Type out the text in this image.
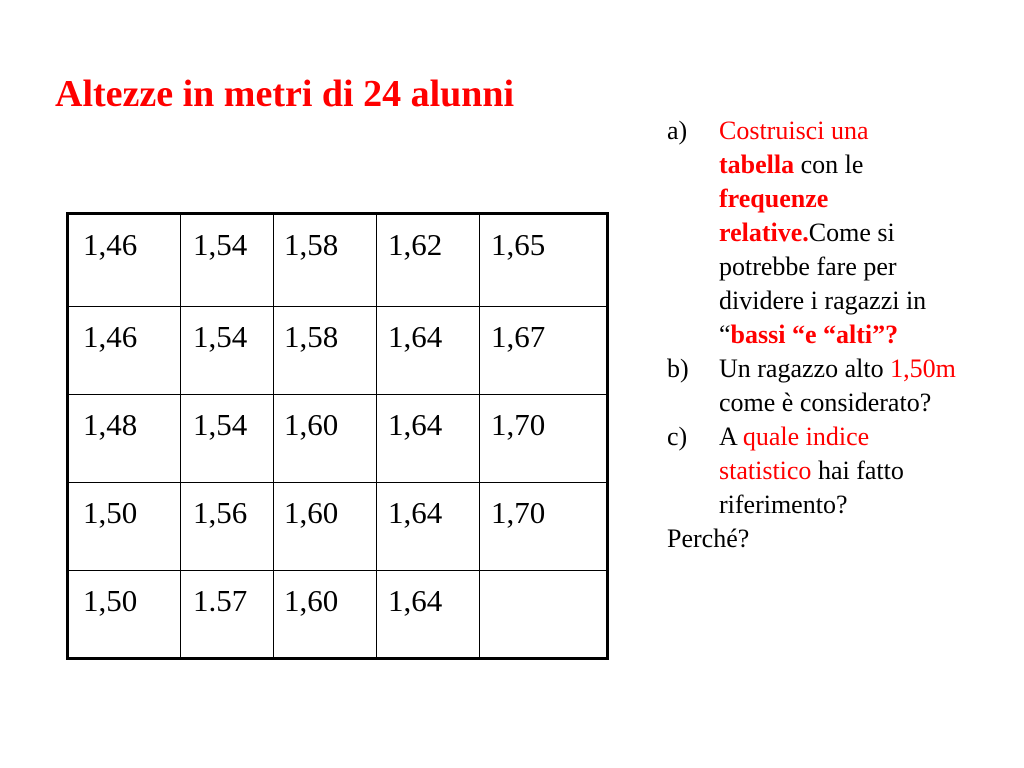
Altezze in metri di 24 alunni
1,46	1,54	1,58	1,62	1,65
1,46	1,54	1,58	1,64	1,67
1,48	1,54	1,60	1,64	1,70
1,50	1,56	1,60	1,64	1,70
1,50	1.57	1,60	1,64	
a) Costruisci una
tabella con le frequenze relative.Come si potrebbe fare per dividere i ragazzi in “bassi “e “alti”?
b) Un ragazzo alto 1,50m come è considerato?
c) A quale indice statistico hai fatto riferimento?
Perché?
